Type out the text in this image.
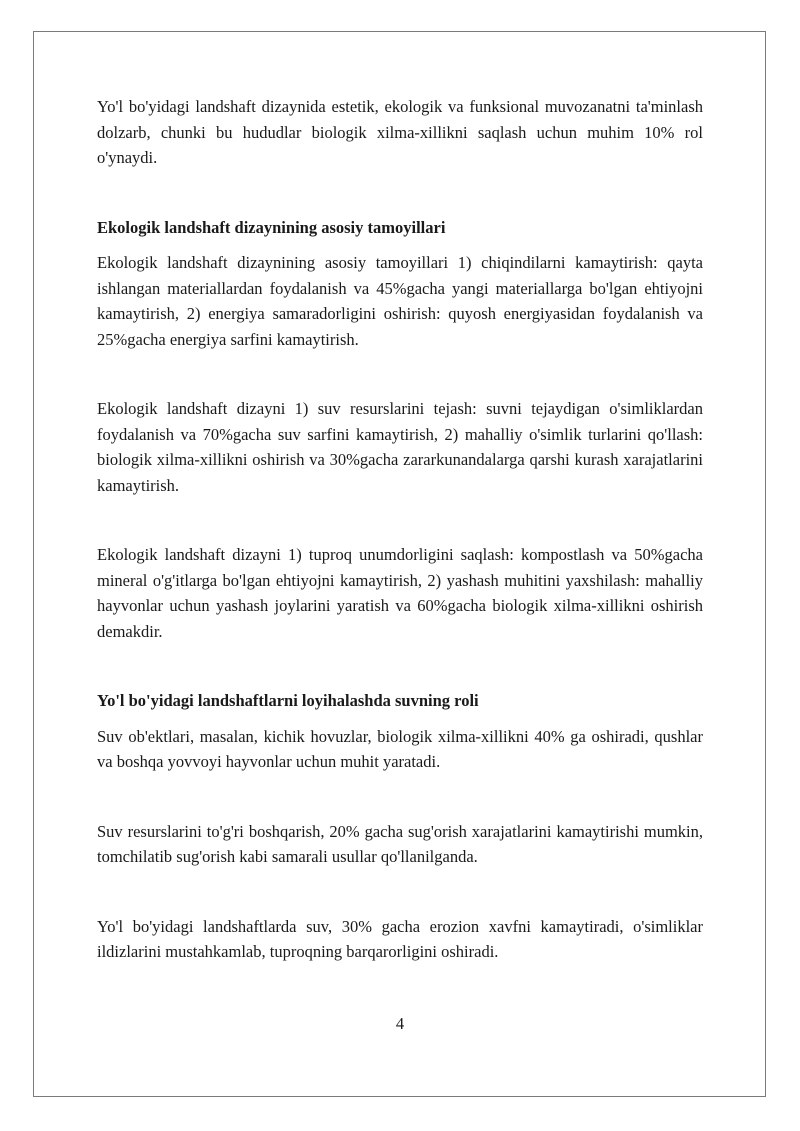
Yo'l bo'yidagi landshaft dizaynida estetik, ekologik va funksional muvozanatni ta'minlash dolzarb, chunki bu hududlar biologik xilma-xillikni saqlash uchun muhim 10% rol o'ynaydi.

Ekologik landshaft dizaynining asosiy tamoyillari

Ekologik landshaft dizaynining asosiy tamoyillari 1) chiqindilarni kamaytirish: qayta ishlangan materiallardan foydalanish va 45%gacha yangi materiallarga bo'lgan ehtiyojni kamaytirish, 2) energiya samaradorligini oshirish: quyosh energiyasidan foydalanish va 25%gacha energiya sarfini kamaytirish.

Ekologik landshaft dizayni 1) suv resurslarini tejash: suvni tejaydigan o'simliklardan foydalanish va 70%gacha suv sarfini kamaytirish, 2) mahalliy o'simlik turlarini qo'llash: biologik xilma-xillikni oshirish va 30%gacha zararkunandalarga qarshi kurash xarajatlarini kamaytirish.

Ekologik landshaft dizayni 1) tuproq unumdorligini saqlash: kompostlash va 50%gacha mineral o'g'itlarga bo'lgan ehtiyojni kamaytirish, 2) yashash muhitini yaxshilash: mahalliy hayvonlar uchun yashash joylarini yaratish va 60%gacha biologik xilma-xillikni oshirish demakdir.

Yo'l bo'yidagi landshaftlarni loyihalashda suvning roli

Suv ob'ektlari, masalan, kichik hovuzlar, biologik xilma-xillikni 40% ga oshiradi, qushlar va boshqa yovvoyi hayvonlar uchun muhit yaratadi.

Suv resurslarini to'g'ri boshqarish, 20% gacha sug'orish xarajatlarini kamaytirishi mumkin, tomchilatib sug'orish kabi samarali usullar qo'llanilganda.

Yo'l bo'yidagi landshaftlarda suv, 30% gacha erozion xavfni kamaytiradi, o'simliklar ildizlarini mustahkamlab, tuproqning barqarorligini oshiradi.

4
